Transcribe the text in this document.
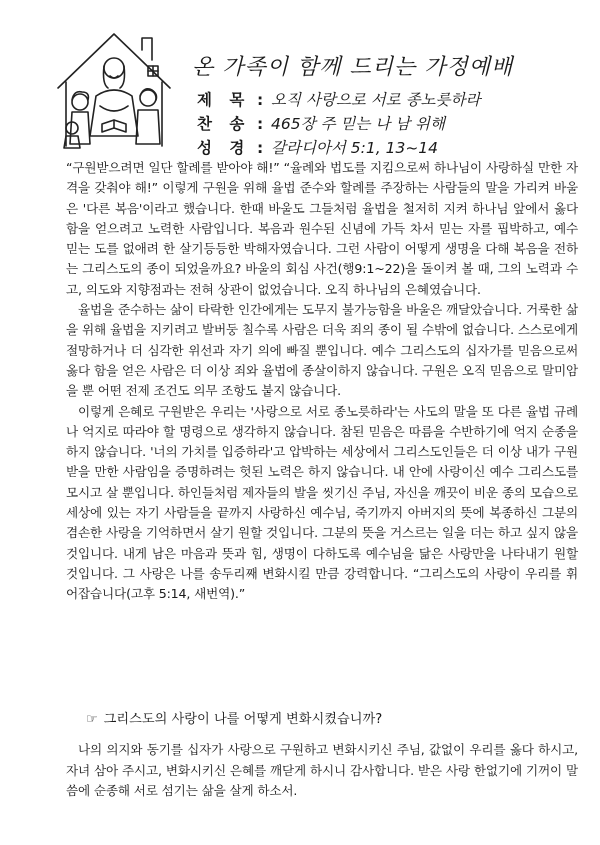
온 가족이 함께 드리는 가정예배
제 목 : 오직 사랑으로 서로 종노릇하라
찬 송 : 465장 주 믿는 나 남 위해
성 경 : 갈라디아서 5:1, 13~14

“구원받으려면 일단 할례를 받아야 해!” “율례와 법도를 지킴으로써 하나님이 사랑하실 만한 자격을 갖춰야 해!” 이렇게 구원을 위해 율법 준수와 할례를 주장하는 사람들의 말을 가리켜 바울은 '다른 복음'이라고 했습니다. 한때 바울도 그들처럼 율법을 철저히 지켜 하나님 앞에서 옳다 함을 얻으려고 노력한 사람입니다. 복음과 원수된 신념에 가득 차서 믿는 자를 핍박하고, 예수 믿는 도를 없애려 한 살기등등한 박해자였습니다. 그런 사람이 어떻게 생명을 다해 복음을 전하는 그리스도의 종이 되었을까요? 바울의 회심 사건(행9:1~22)을 돌이켜 볼 때, 그의 노력과 수고, 의도와 지향점과는 전혀 상관이 없었습니다. 오직 하나님의 은혜였습니다.

율법을 준수하는 삶이 타락한 인간에게는 도무지 불가능함을 바울은 깨달았습니다. 거룩한 삶을 위해 율법을 지키려고 발버둥 칠수록 사람은 더욱 죄의 종이 될 수밖에 없습니다. 스스로에게 절망하거나 더 심각한 위선과 자기 의에 빠질 뿐입니다. 예수 그리스도의 십자가를 믿음으로써 옳다 함을 얻은 사람은 더 이상 죄와 율법에 종살이하지 않습니다. 구원은 오직 믿음으로 말미암을 뿐 어떤 전제 조건도 의무 조항도 붙지 않습니다.

이렇게 은혜로 구원받은 우리는 '사랑으로 서로 종노릇하라'는 사도의 말을 또 다른 율법 규례나 억지로 따라야 할 명령으로 생각하지 않습니다. 참된 믿음은 따름을 수반하기에 억지 순종을 하지 않습니다. '너의 가치를 입증하라'고 압박하는 세상에서 그리스도인들은 더 이상 내가 구원받을 만한 사람임을 증명하려는 헛된 노력은 하지 않습니다. 내 안에 사랑이신 예수 그리스도를 모시고 살 뿐입니다. 하인들처럼 제자들의 발을 씻기신 주님, 자신을 깨끗이 비운 종의 모습으로 세상에 있는 자기 사람들을 끝까지 사랑하신 예수님, 죽기까지 아버지의 뜻에 복종하신 그분의 겸손한 사랑을 기억하면서 살기 원할 것입니다. 그분의 뜻을 거스르는 일을 더는 하고 싶지 않을 것입니다. 내게 남은 마음과 뜻과 힘, 생명이 다하도록 예수님을 닮은 사랑만을 나타내기 원할 것입니다. 그 사랑은 나를 송두리째 변화시킬 만큼 강력합니다. “그리스도의 사랑이 우리를 휘어잡습니다(고후 5:14, 새번역).”

☞ 그리스도의 사랑이 나를 어떻게 변화시켰습니까?

나의 의지와 동기를 십자가 사랑으로 구원하고 변화시키신 주님, 값없이 우리를 옳다 하시고, 자녀 삼아 주시고, 변화시키신 은혜를 깨닫게 하시니 감사합니다. 받은 사랑 한없기에 기꺼이 말씀에 순종해 서로 섬기는 삶을 살게 하소서.
